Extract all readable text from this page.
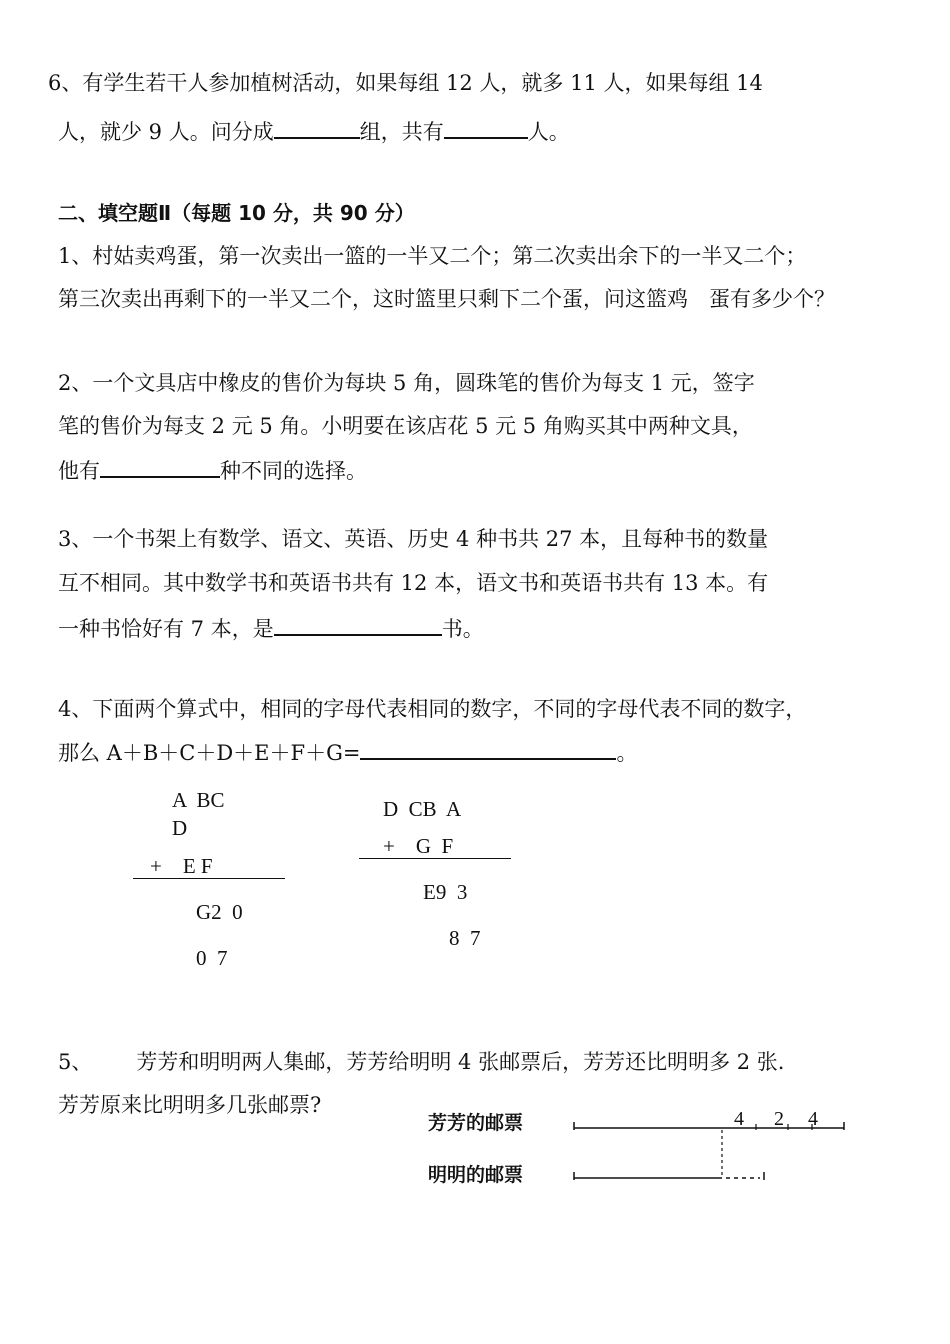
6、有学生若干人参加植树活动，如果每组 12 人，就多 11 人，如果每组 14
人，就少 9 人。问分成	组，共有	人。
二、填空题Ⅱ（每题 10 分，共 90 分）
1、村姑卖鸡蛋，第一次卖出一篮的一半又二个；第二次卖出余下的一半又二个；
第三次卖出再剩下的一半又二个，这时篮里只剩下二个蛋，问这篮鸡　蛋有多少个？
2、一个文具店中橡皮的售价为每块 5 角，圆珠笔的售价为每支 1 元，签字
笔的售价为每支 2 元 5 角。小明要在该店花 5 元 5 角购买其中两种文具，
他有	种不同的选择。
3、一个书架上有数学、语文、英语、历史 4 种书共 27 本，且每种书的数量
互不相同。其中数学书和英语书共有 12 本，语文书和英语书共有 13 本。有
一种书恰好有 7 本，是	书。
4、下面两个算式中，相同的字母代表相同的数字，不同的字母代表不同的数字，
那么 A＋B＋C＋D＋E＋F＋G=	。
A  BC
D
+    E F
G2  0
0  7
D  CB  A
+    G  F
E9  3
8  7
5、 芳芳和明明两人集邮，芳芳给明明 4 张邮票后，芳芳还比明明多 2 张.
芳芳原来比明明多几张邮票?
芳芳的邮票
明明的邮票
4 2 4
